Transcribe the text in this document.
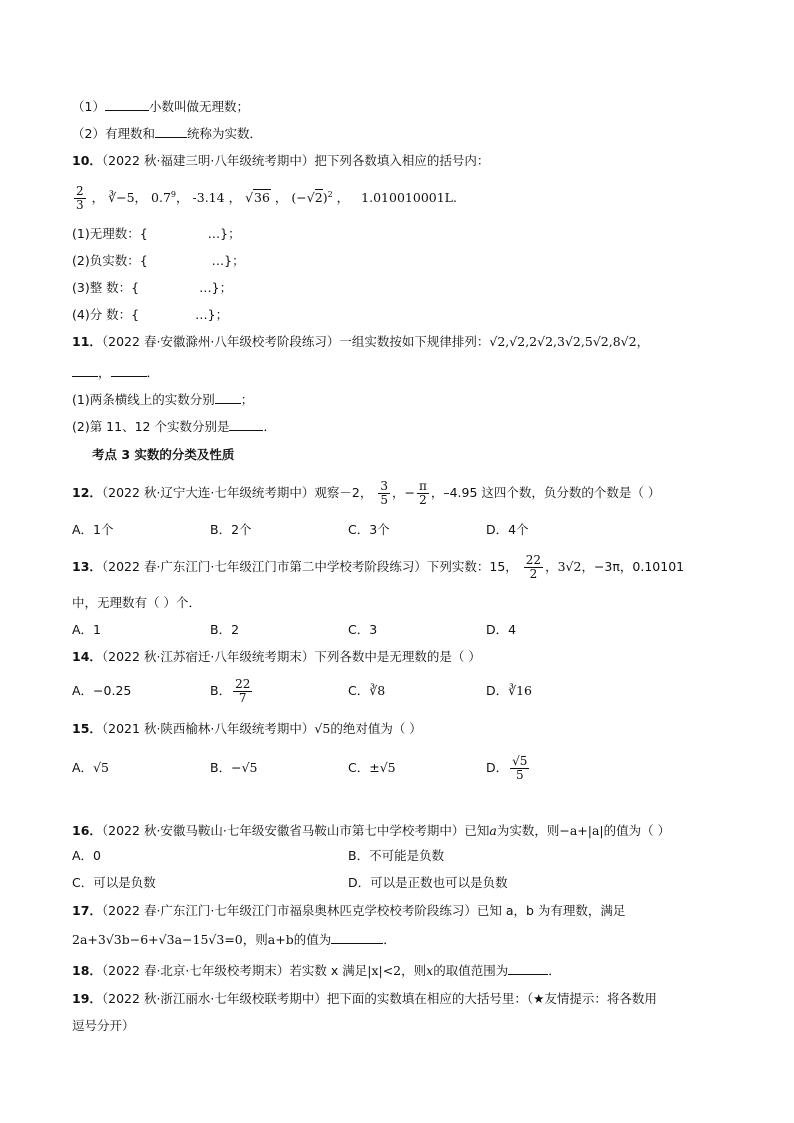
（1）	小数叫做无理数；
（2）有理数和	统称为实数．
10．（2022 秋·福建三明·八年级统考期中）把下列各数填入相应的括号内：
$\frac{2}{3}$ ， ∛−5， $0.7^9$， -3.14 ， √36 ， $(-√2)^2$ ， 1.010010001L.
(1)无理数：{	…}；
(2)负实数：{	…}；
(3)整 数：{	…}；
(4)分 数：{	…}；
11．（2022 春·安徽滁州·八年级校考阶段练习）一组实数按如下规律排列：√2,√2,2√2,3√2,5√2,8√2，
，	．
(1)两条横线上的实数分别 ；
(2)第 11、12 个实数分别是	．
考点 3 实数的分类及性质
12．（2022 秋·辽宁大连·七年级统考期中）观察－2， $\frac{3}{5}$ ，− $\frac{\pi}{2}$ ，–4.95 这四个数，负分数的个数是（ ）
A．1个	B．2个	C．3个	D．4个
13．（2022 春·广东江门·七年级江门市第二中学校考阶段练习）下列实数：15， $\frac{22}{2}$ ，3√2，−3π，0.10101
中，无理数有（ ）个．
A．1	B．2	C．3	D．4
14．（2022 秋·江苏宿迁·八年级统考期末）下列各数中是无理数的是（ ）
A．−0.25	B． $\frac{22}{7}$	C．∛8	D．∛16
15．（2021 秋·陕西榆林·八年级统考期中）√5的绝对值为（ ）
A．√5	B．−√5	C．±√5	D． $\frac{√5}{5}$
16．（2022 秋·安徽马鞍山·七年级安徽省马鞍山市第七中学校考期中）已知a为实数，则−a+|a|的值为（ ）
A．0	B．不可能是负数
C．可以是负数	D．可以是正数也可以是负数
17．（2022 春·广东江门·七年级江门市福泉奥林匹克学校校考阶段练习）已知 a，b 为有理数，满足
2a+3√3b−6+√3a−15√3=0，则a+b的值为	．
18．（2022 春·北京·七年级校考期末）若实数 x 满足|x|<2，则x的取值范围为	．
19．（2022 秋·浙江丽水·七年级校联考期中）把下面的实数填在相应的大括号里：（★友情提示：将各数用
逗号分开）
